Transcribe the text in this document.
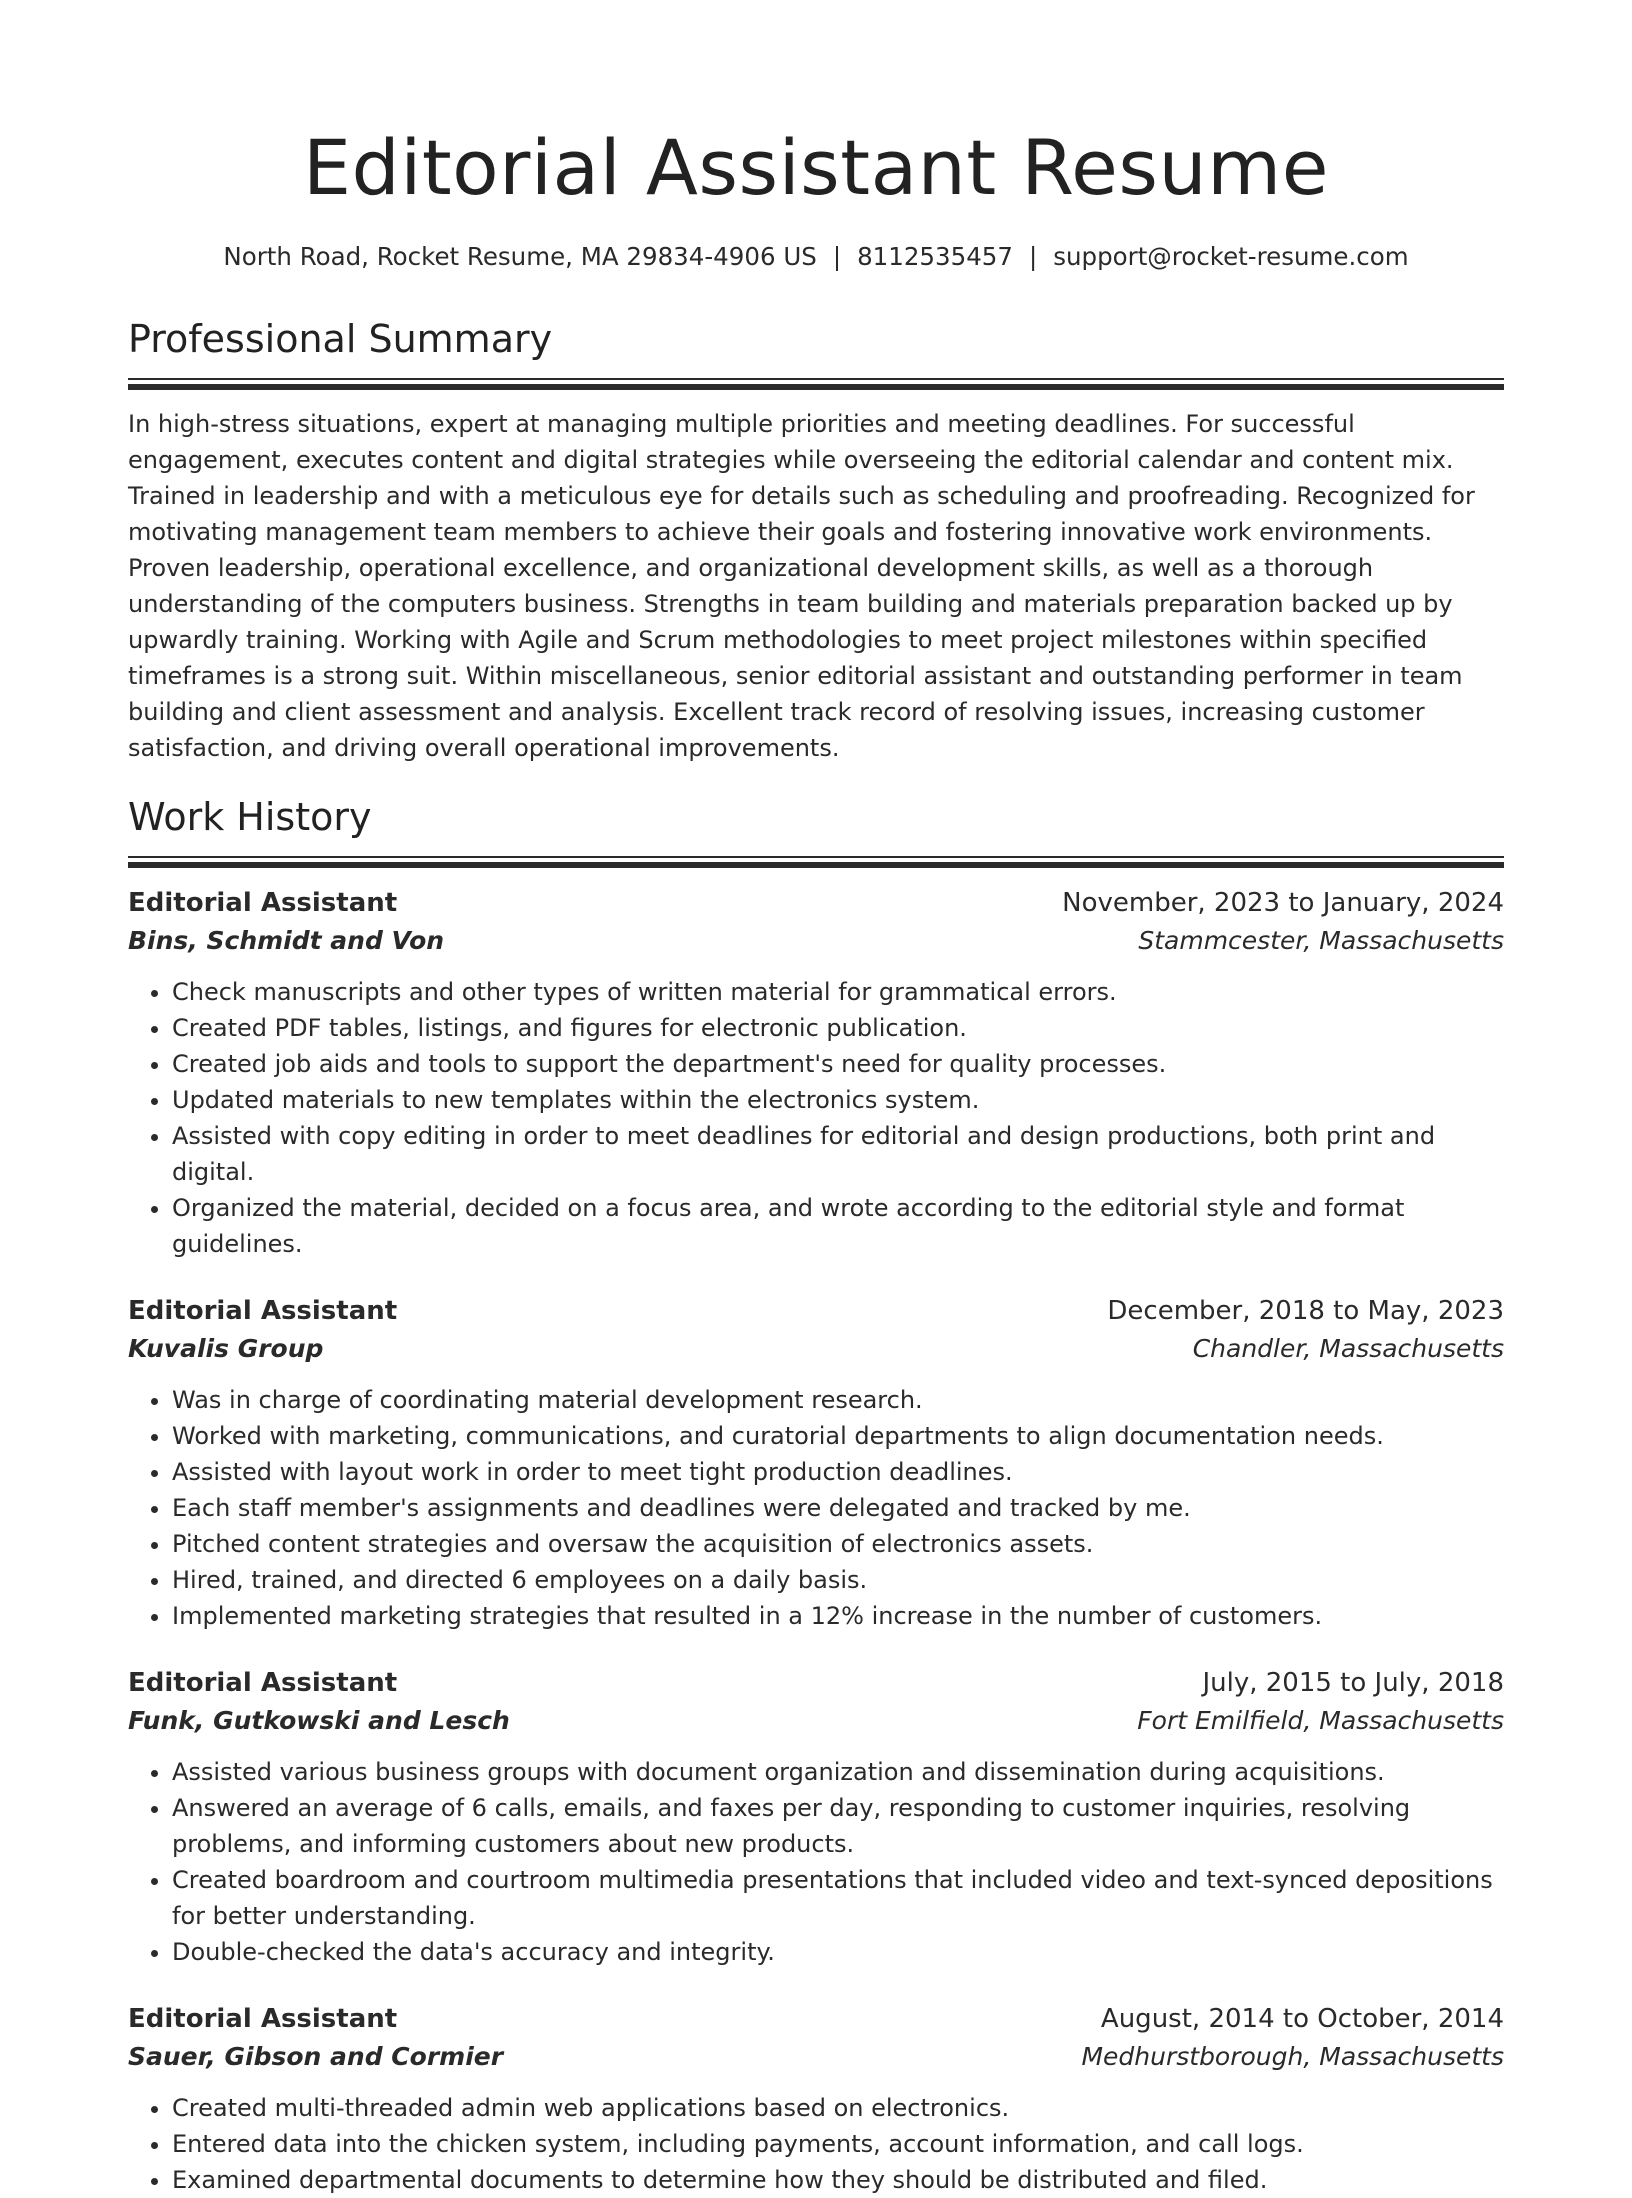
Editorial Assistant Resume
North Road, Rocket Resume, MA 29834-4906 US | 8112535457 | support@rocket-resume.com
Professional Summary

In high-stress situations, expert at managing multiple priorities and meeting deadlines. For successful engagement, executes content and digital strategies while overseeing the editorial calendar and content mix. Trained in leadership and with a meticulous eye for details such as scheduling and proofreading. Recognized for motivating management team members to achieve their goals and fostering innovative work environments. Proven leadership, operational excellence, and organizational development skills, as well as a thorough understanding of the computers business. Strengths in team building and materials preparation backed up by upwardly training. Working with Agile and Scrum methodologies to meet project milestones within specified timeframes is a strong suit. Within miscellaneous, senior editorial assistant and outstanding performer in team building and client assessment and analysis. Excellent track record of resolving issues, increasing customer satisfaction, and driving overall operational improvements.

Work History
Editorial Assistant	November, 2023 to January, 2024
Bins, Schmidt and Von	Stammcester, Massachusetts
• Check manuscripts and other types of written material for grammatical errors.
• Created PDF tables, listings, and figures for electronic publication.
• Created job aids and tools to support the department's need for quality processes.
• Updated materials to new templates within the electronics system.
• Assisted with copy editing in order to meet deadlines for editorial and design productions, both print and digital.
• Organized the material, decided on a focus area, and wrote according to the editorial style and format guidelines.
Editorial Assistant	December, 2018 to May, 2023
Kuvalis Group	Chandler, Massachusetts
• Was in charge of coordinating material development research.
• Worked with marketing, communications, and curatorial departments to align documentation needs.
• Assisted with layout work in order to meet tight production deadlines.
• Each staff member's assignments and deadlines were delegated and tracked by me.
• Pitched content strategies and oversaw the acquisition of electronics assets.
• Hired, trained, and directed 6 employees on a daily basis.
• Implemented marketing strategies that resulted in a 12% increase in the number of customers.
Editorial Assistant	July, 2015 to July, 2018
Funk, Gutkowski and Lesch	Fort Emilfield, Massachusetts
• Assisted various business groups with document organization and dissemination during acquisitions.
• Answered an average of 6 calls, emails, and faxes per day, responding to customer inquiries, resolving problems, and informing customers about new products.
• Created boardroom and courtroom multimedia presentations that included video and text-synced depositions for better understanding.
• Double-checked the data's accuracy and integrity.
Editorial Assistant	August, 2014 to October, 2014
Sauer, Gibson and Cormier	Medhurstborough, Massachusetts
• Created multi-threaded admin web applications based on electronics.
• Entered data into the chicken system, including payments, account information, and call logs.
• Examined departmental documents to determine how they should be distributed and filed.
